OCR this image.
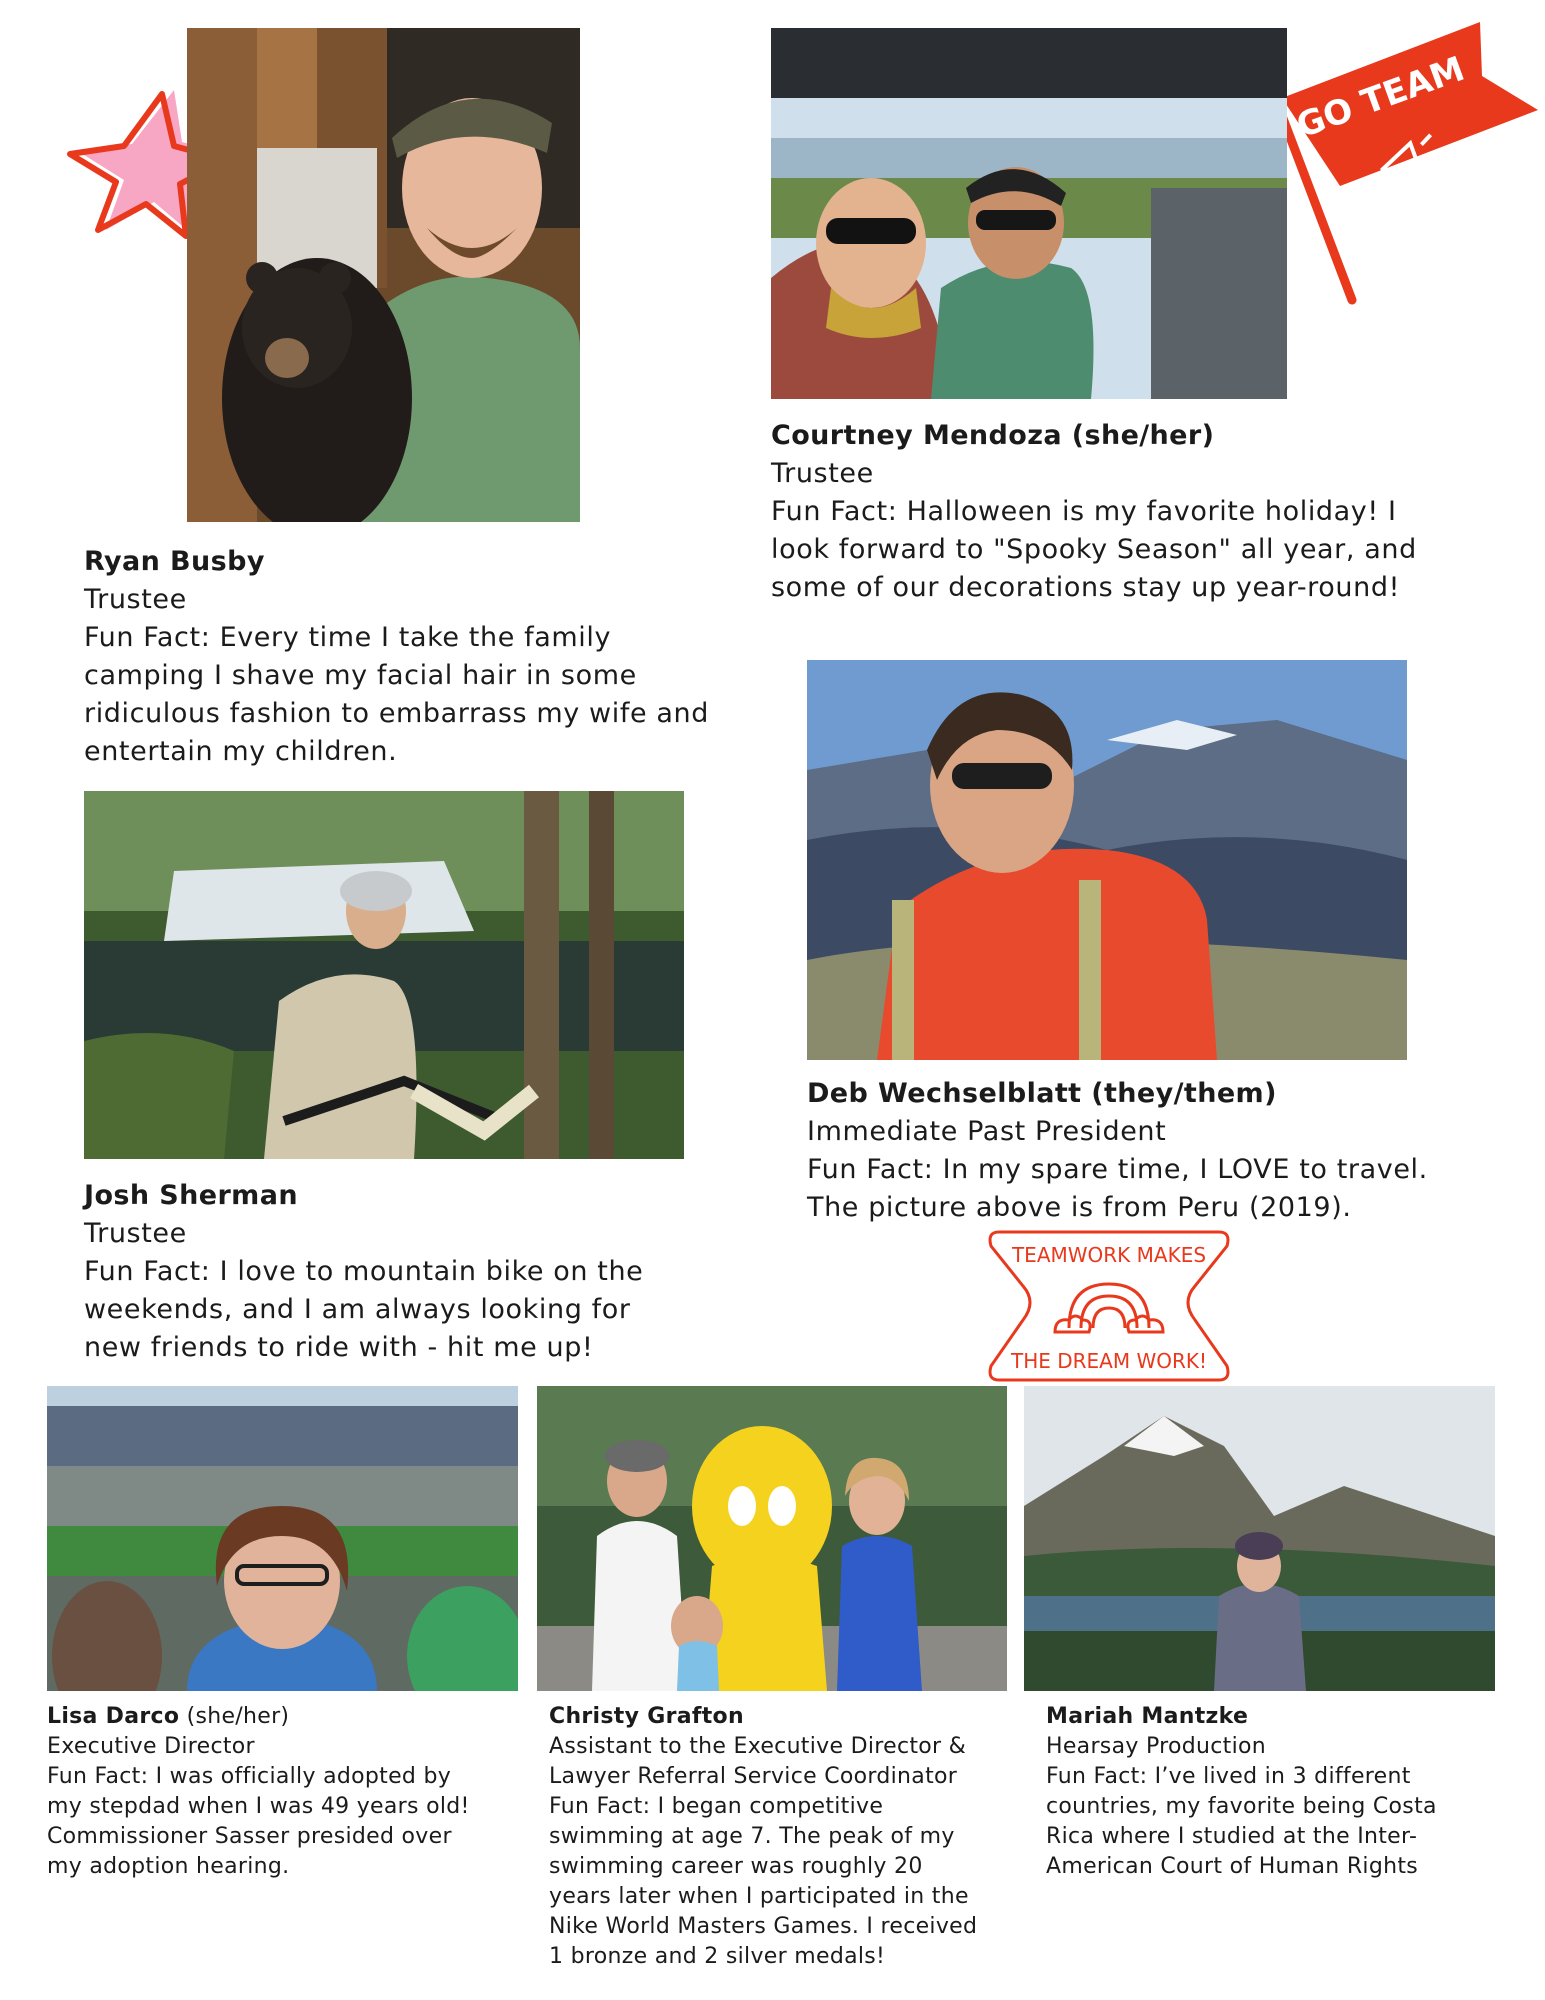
GO TEAM

Ryan Busby

Trustee

Fun Fact: Every time I take the family

camping I shave my facial hair in some

ridiculous fashion to embarrass my wife and

entertain my children.

Courtney Mendoza (she/her)

Trustee

Fun Fact: Halloween is my favorite holiday! I

look forward to "Spooky Season" all year, and

some of our decorations stay up year-round!

Deb Wechselblatt (they/them)

Immediate Past President

Fun Fact: In my spare time, I LOVE to travel.

The picture above is from Peru (2019).

Josh Sherman

Trustee

Fun Fact: I love to mountain bike on the

weekends, and I am always looking for

new friends to ride with - hit me up!

TEAMWORK MAKES
THE DREAM WORK!

Lisa Darco (she/her)

Executive Director

Fun Fact: I was officially adopted by

my stepdad when I was 49 years old!

Commissioner Sasser presided over

my adoption hearing.

Christy Grafton

Assistant to the Executive Director &

Lawyer Referral Service Coordinator

Fun Fact: I began competitive

swimming at age 7. The peak of my

swimming career was roughly 20

years later when I participated in the

Nike World Masters Games. I received

1 bronze and 2 silver medals!

Mariah Mantzke

Hearsay Production

Fun Fact: I’ve lived in 3 different

countries, my favorite being Costa

Rica where I studied at the Inter-

American Court of Human Rights
